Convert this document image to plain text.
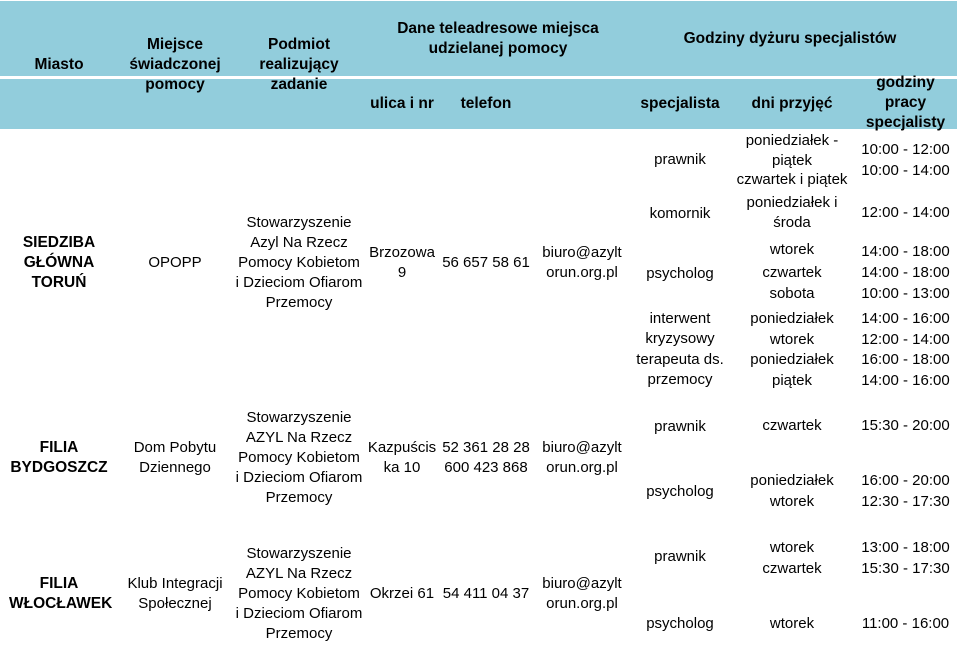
Miasto
Miejsce świadczonej pomocy
Podmiot realizujący zadanie
Dane teleadresowe miejsca udzielanej pomocy
Godziny dyżuru specjalistów
ulica i nr telefon	specjalista dni przyjęć
godziny pracy specjalisty
SIEDZIBA GŁÓWNA TORUŃ
OPOPP
Stowarzyszenie Azyl Na Rzecz Pomocy Kobietom i Dzieciom Ofiarom Przemocy
Brzozowa 9
56 657 58 61
biuro@azylt
orun.org.pl
prawnik
komornik
psycholog
interwent kryzysowy
terapeuta ds. przemocy
poniedziałek - piątek
czwartek i piątek
poniedziałek i środa
wtorek
czwartek
sobota
poniedziałek
wtorek
poniedziałek
piątek
10:00 - 12:00
10:00 - 14:00
12:00 - 14:00
14:00 - 18:00
14:00 - 18:00
10:00 - 13:00
14:00 - 16:00
12:00 - 14:00
16:00 - 18:00
14:00 - 16:00
FILIA BYDGOSZCZ
Dom Pobytu Dziennego
Stowarzyszenie AZYL Na Rzecz Pomocy Kobietom i Dzieciom Ofiarom Przemocy
Kazpuścis ka 10
52 361 28 28 600 423 868
biuro@azylt
orun.org.pl
prawnik
psycholog
czwartek
poniedziałek
wtorek
15:30 - 20:00
16:00 - 20:00
12:30 - 17:30
FILIA WŁOCŁAWEK
Klub Integracji Społecznej
Stowarzyszenie AZYL Na Rzecz Pomocy Kobietom i Dzieciom Ofiarom Przemocy
Okrzei 61 54 411 04 37
biuro@azylt
orun.org.pl
prawnik
psycholog
wtorek
czwartek
wtorek
13:00 - 18:00
15:30 - 17:30
11:00 - 16:00
